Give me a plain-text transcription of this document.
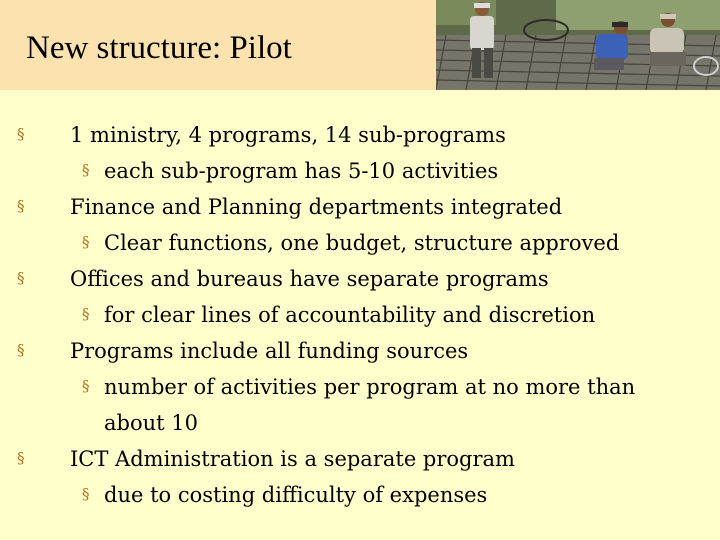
New structure: Pilot
§ 1 ministry, 4 programs, 14 sub-programs
§ each sub-program has 5-10 activities
§ Finance and Planning departments integrated
§ Clear functions, one budget, structure approved
§ Offices and bureaus have separate programs
§ for clear lines of accountability and discretion
§ Programs include all funding sources
§ number of activities per program at no more than
about 10
§ ICT Administration is a separate program
§ due to costing difficulty of expenses
